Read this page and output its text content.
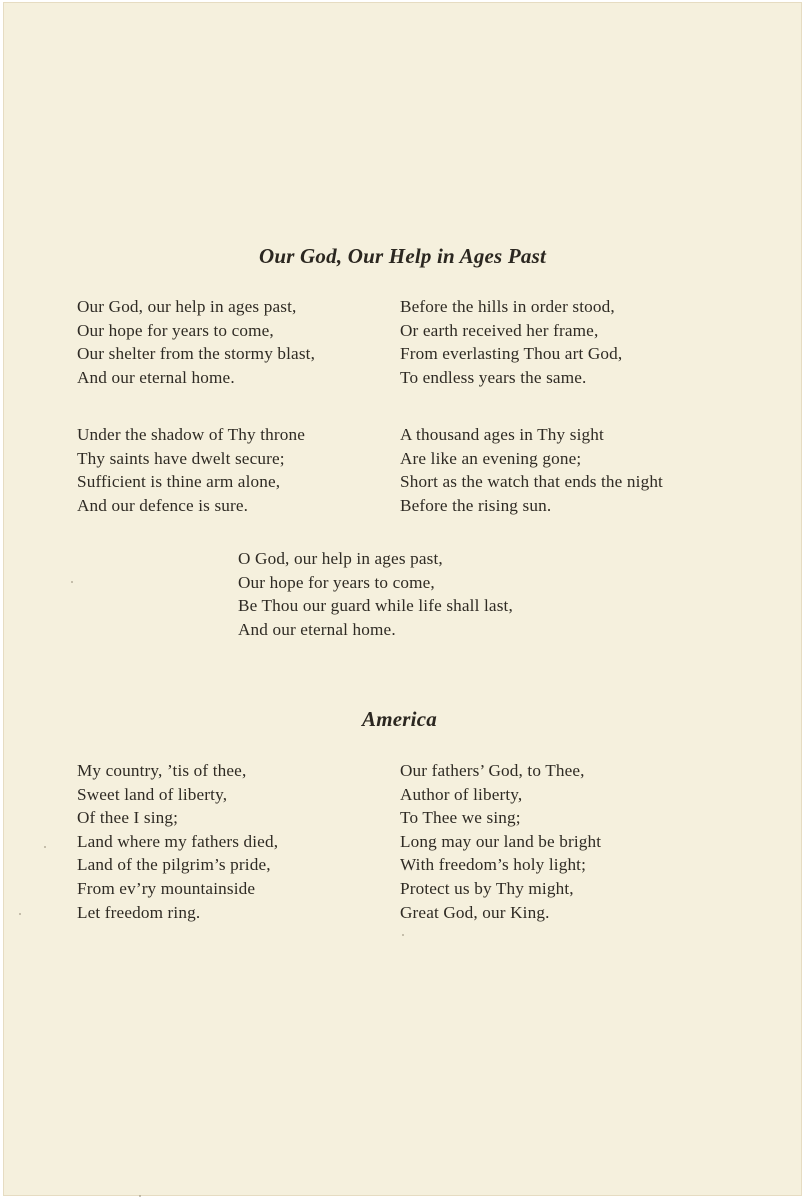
Our God, Our Help in Ages Past
Our God, our help in ages past,
Our hope for years to come,
Our shelter from the stormy blast,
And our eternal home.
Before the hills in order stood,
Or earth received her frame,
From everlasting Thou art God,
To endless years the same.
Under the shadow of Thy throne
Thy saints have dwelt secure;
Sufficient is thine arm alone,
And our defence is sure.
A thousand ages in Thy sight
Are like an evening gone;
Short as the watch that ends the night
Before the rising sun.
O God, our help in ages past,
Our hope for years to come,
Be Thou our guard while life shall last,
And our eternal home.
America
My country, ’tis of thee,
Sweet land of liberty,
Of thee I sing;
Land where my fathers died,
Land of the pilgrim’s pride,
From ev’ry mountainside
Let freedom ring.
Our fathers’ God, to Thee,
Author of liberty,
To Thee we sing;
Long may our land be bright
With freedom’s holy light;
Protect us by Thy might,
Great God, our King.
